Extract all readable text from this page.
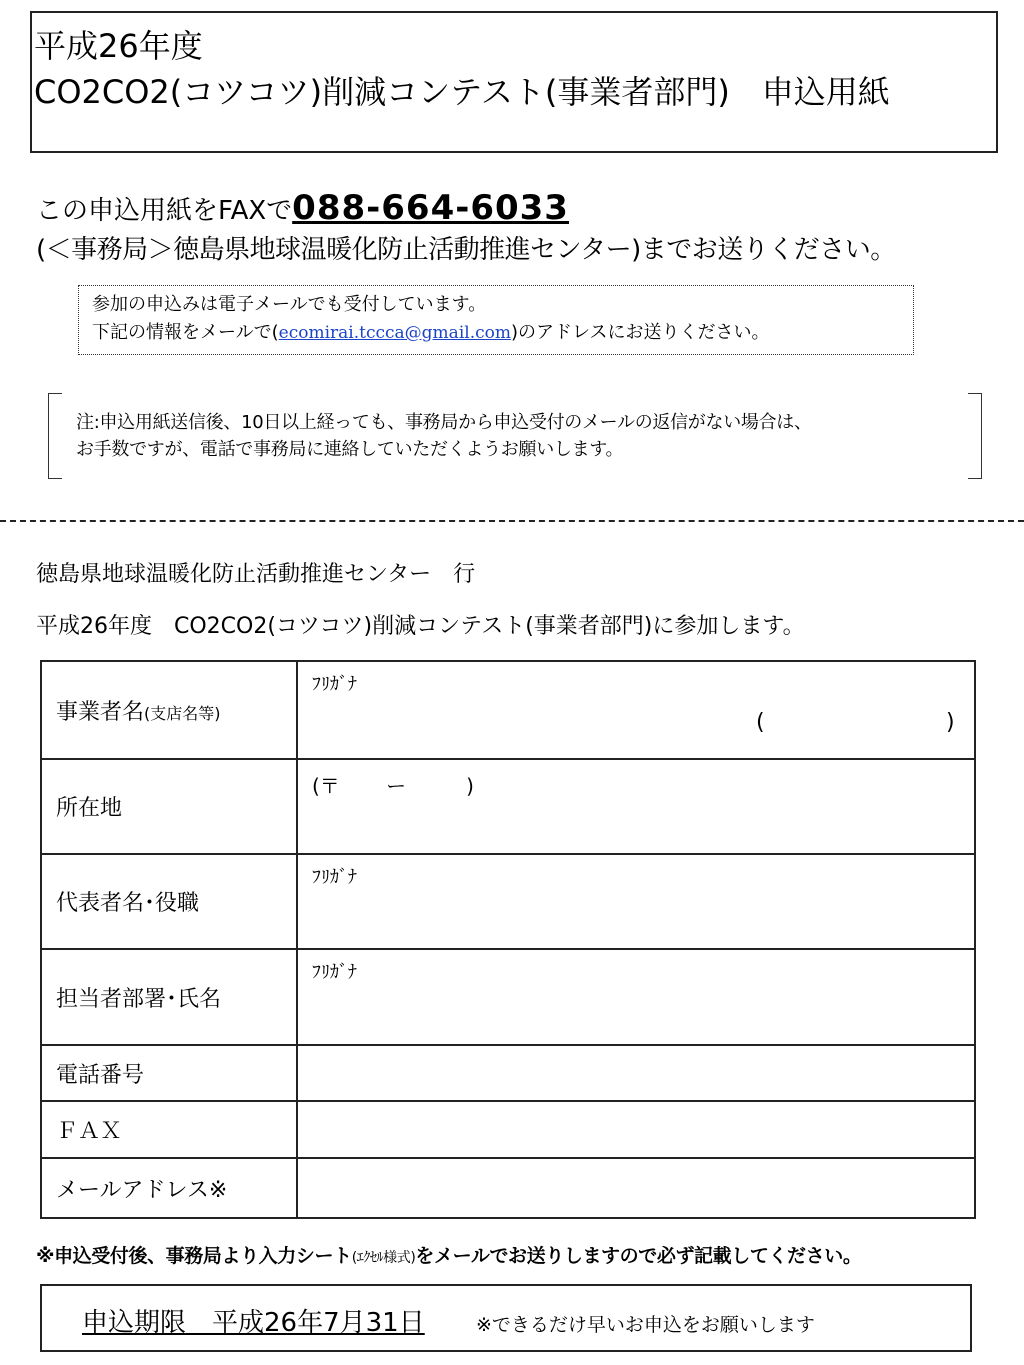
平成26年度
CO2CO2(コツコツ)削減コンテスト(事業者部門)　申込用紙
この申込用紙をFAXで088-664-6033
(＜事務局＞徳島県地球温暖化防止活動推進センター)までお送りください。
参加の申込みは電子メールでも受付しています。
下記の情報をメールで(ecomirai.tccca@gmail.com)のアドレスにお送りください。
注:申込用紙送信後、10日以上経っても、事務局から申込受付のメールの返信がない場合は、
お手数ですが、電話で事務局に連絡していただくようお願いします。
徳島県地球温暖化防止活動推進センター　行
平成26年度　CO2CO2(コツコツ)削減コンテスト(事業者部門)に参加します。
事業者名(支店名等)	ﾌﾘｶﾞﾅ
( )

所在地	(〒　　 ー　　　)

代表者名･役職	ﾌﾘｶﾞﾅ

担当者部署･氏名	ﾌﾘｶﾞﾅ

電話番号	
ＦＡＸ	
メールアドレス※	
※申込受付後、事務局より入力シート(ｴｸｾﾙ様式)をメールでお送りしますので必ず記載してください。
申込期限　平成26年7月31日	※できるだけ早いお申込をお願いします
